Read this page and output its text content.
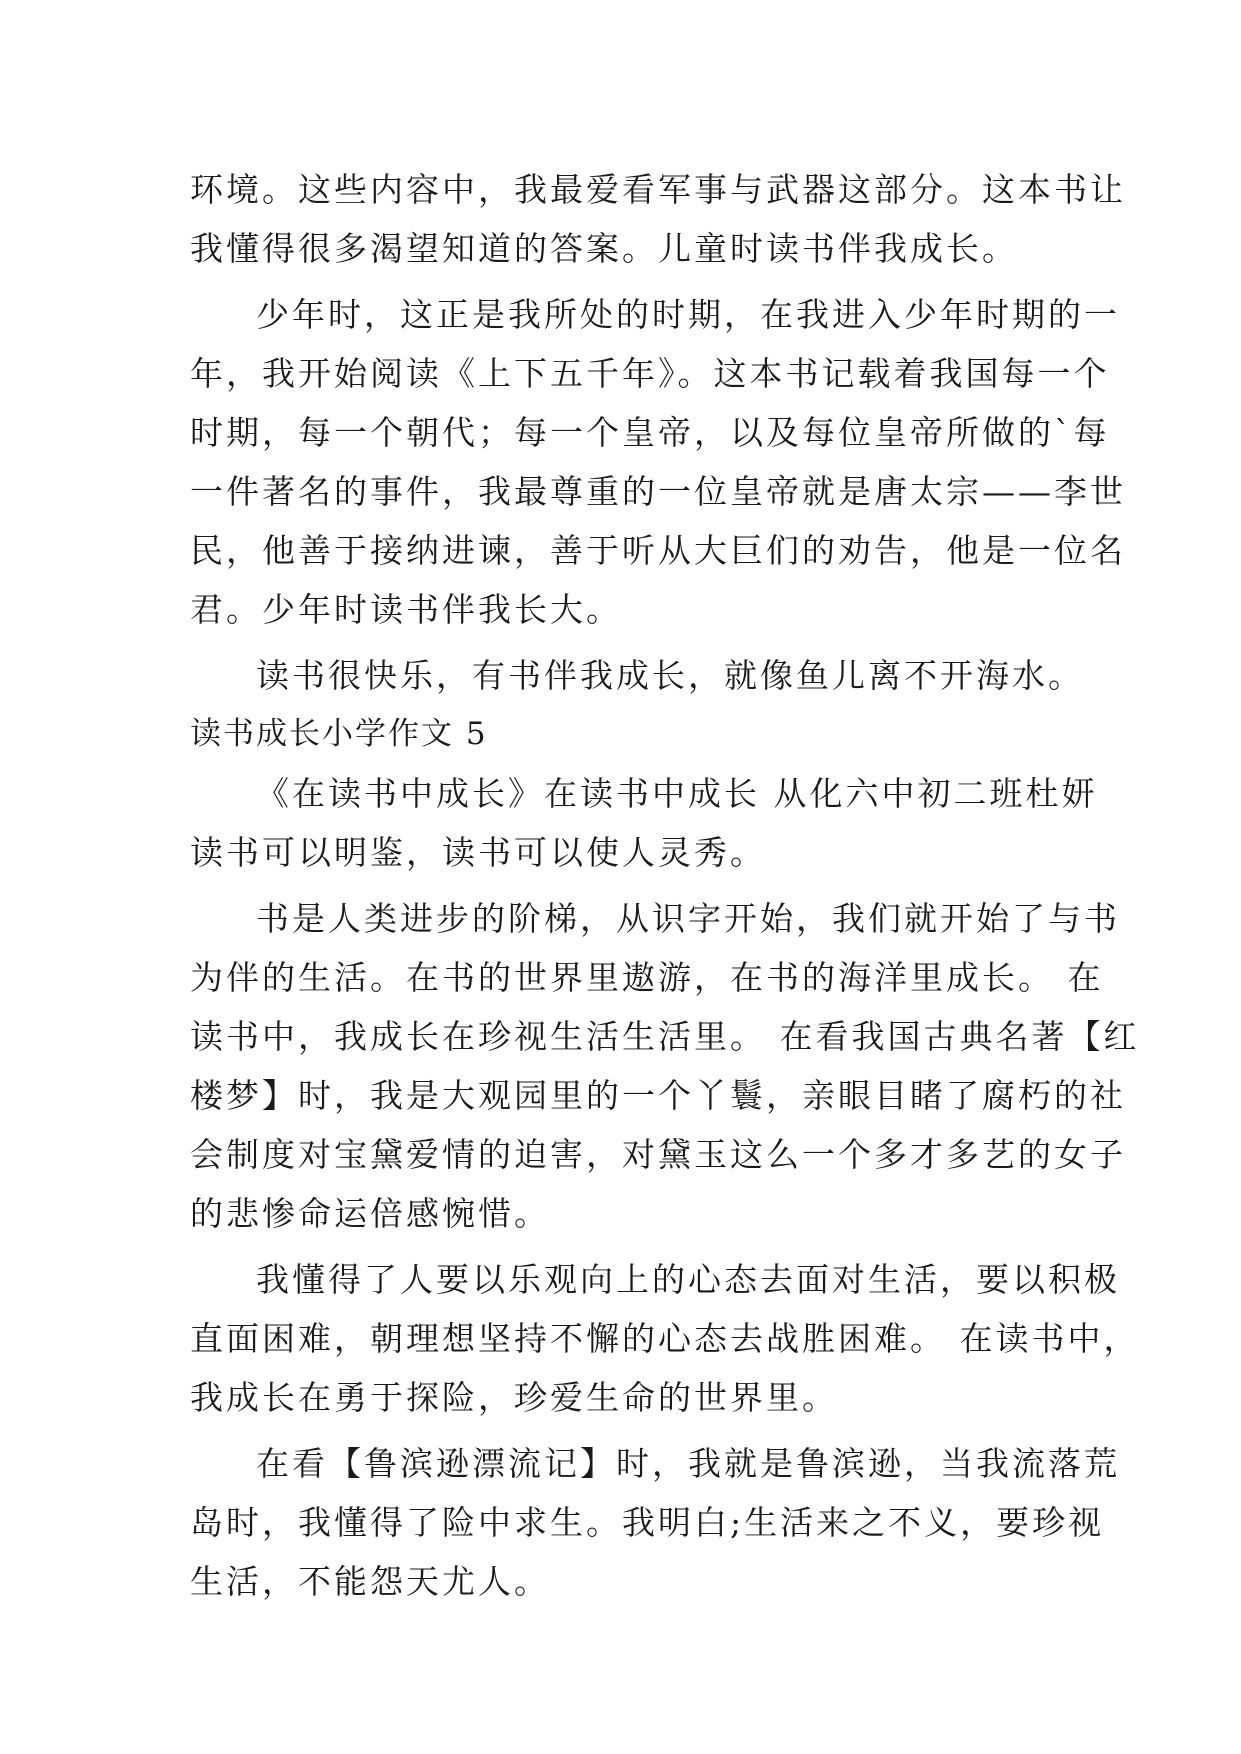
环境。这些内容中，我最爱看军事与武器这部分。这本书让
我懂得很多渴望知道的答案。儿童时读书伴我成长。
少年时，这正是我所处的时期，在我进入少年时期的一
年，我开始阅读《上下五千年》。这本书记载着我国每一个
时期，每一个朝代；每一个皇帝，以及每位皇帝所做的`每
一件著名的事件，我最尊重的一位皇帝就是唐太宗——李世
民，他善于接纳进谏，善于听从大巨们的劝告，他是一位名
君。少年时读书伴我长大。
读书很快乐，有书伴我成长，就像鱼儿离不开海水。
读书成长小学作文 5
《在读书中成长》在读书中成长 从化六中初二班杜妍
读书可以明鉴，读书可以使人灵秀。
书是人类进步的阶梯，从识字开始，我们就开始了与书
为伴的生活。在书的世界里遨游，在书的海洋里成长。 在
读书中，我成长在珍视生活生活里。 在看我国古典名著【红
楼梦】时，我是大观园里的一个丫鬟，亲眼目睹了腐朽的社
会制度对宝黛爱情的迫害，对黛玉这么一个多才多艺的女子
的悲惨命运倍感惋惜。
我懂得了人要以乐观向上的心态去面对生活，要以积极
直面困难，朝理想坚持不懈的心态去战胜困难。 在读书中，
我成长在勇于探险，珍爱生命的世界里。
在看【鲁滨逊漂流记】时，我就是鲁滨逊，当我流落荒
岛时，我懂得了险中求生。我明白;生活来之不义，要珍视
生活，不能怨天尤人。
